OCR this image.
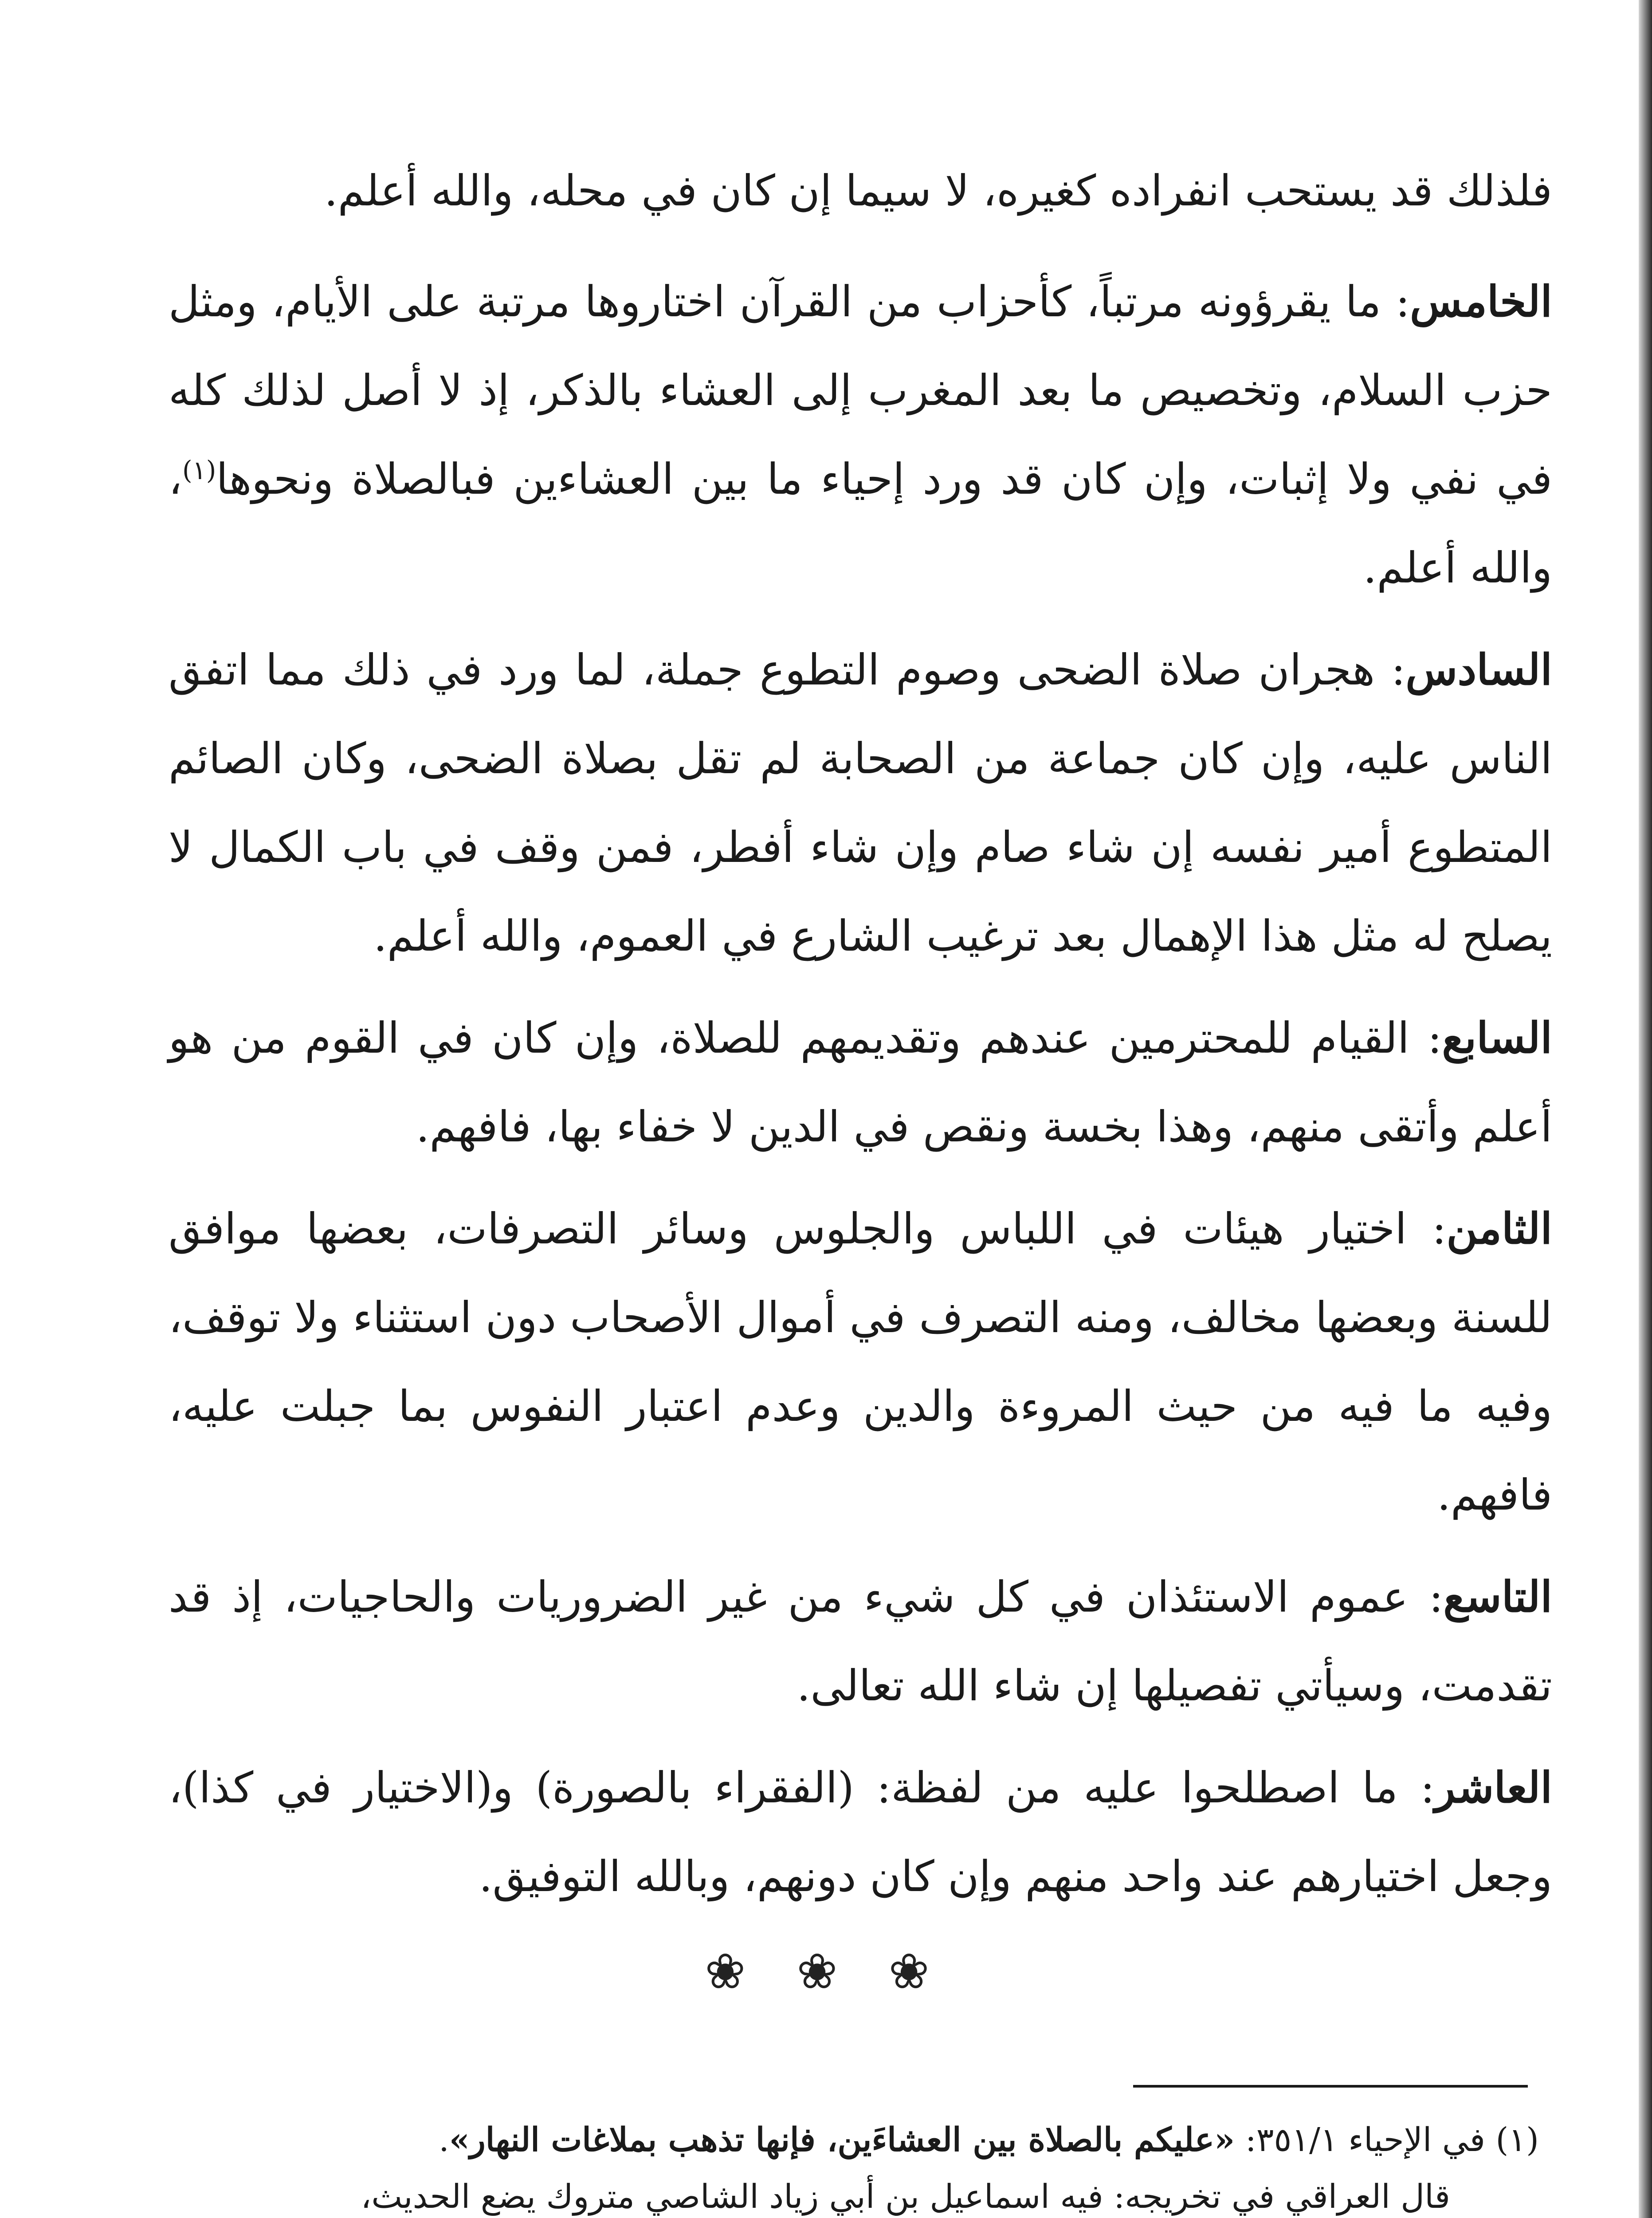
فلذلك قد يستحب انفراده كغيره، لا سيما إن كان في محله، والله أعلم.

الخامس: ما يقرؤونه مرتباً، كأحزاب من القرآن اختاروها مرتبة على الأيام، ومثل حزب السلام، وتخصيص ما بعد المغرب إلى العشاء بالذكر، إذ لا أصل لذلك كله في نفي ولا إثبات، وإن كان قد ورد إحياء ما بين العشاءين فبالصلاة ونحوها$^{(١)}$، والله أعلم.

السادس: هجران صلاة الضحى وصوم التطوع جملة، لما ورد في ذلك مما اتفق الناس عليه، وإن كان جماعة من الصحابة لم تقل بصلاة الضحى، وكان الصائم المتطوع أمير نفسه إن شاء صام وإن شاء أفطر، فمن وقف في باب الكمال لا يصلح له مثل هذا الإهمال بعد ترغيب الشارع في العموم، والله أعلم.

السابع: القيام للمحترمين عندهم وتقديمهم للصلاة، وإن كان في القوم من هو أعلم وأتقى منهم، وهذا بخسة ونقص في الدين لا خفاء بها، فافهم.

الثامن: اختيار هيئات في اللباس والجلوس وسائر التصرفات، بعضها موافق للسنة وبعضها مخالف، ومنه التصرف في أموال الأصحاب دون استثناء ولا توقف، وفيه ما فيه من حيث المروءة والدين وعدم اعتبار النفوس بما جبلت عليه، فافهم.

التاسع: عموم الاستئذان في كل شيء من غير الضروريات والحاجيات، إذ قد تقدمت، وسيأتي تفصيلها إن شاء الله تعالى.

العاشر: ما اصطلحوا عليه من لفظة: (الفقراء بالصورة) و(الاختيار في كذا)، وجعل اختيارهم عند واحد منهم وإن كان دونهم، وبالله التوفيق.

❀ ❀ ❀
(١) في الإحياء ٣٥١/١: «عليكم بالصلاة بين العشاءَين، فإنها تذهب بملاغات النهار».
قال العراقي في تخريجه: فيه اسماعيل بن أبي زياد الشاصي متروك يضع الحديث،
